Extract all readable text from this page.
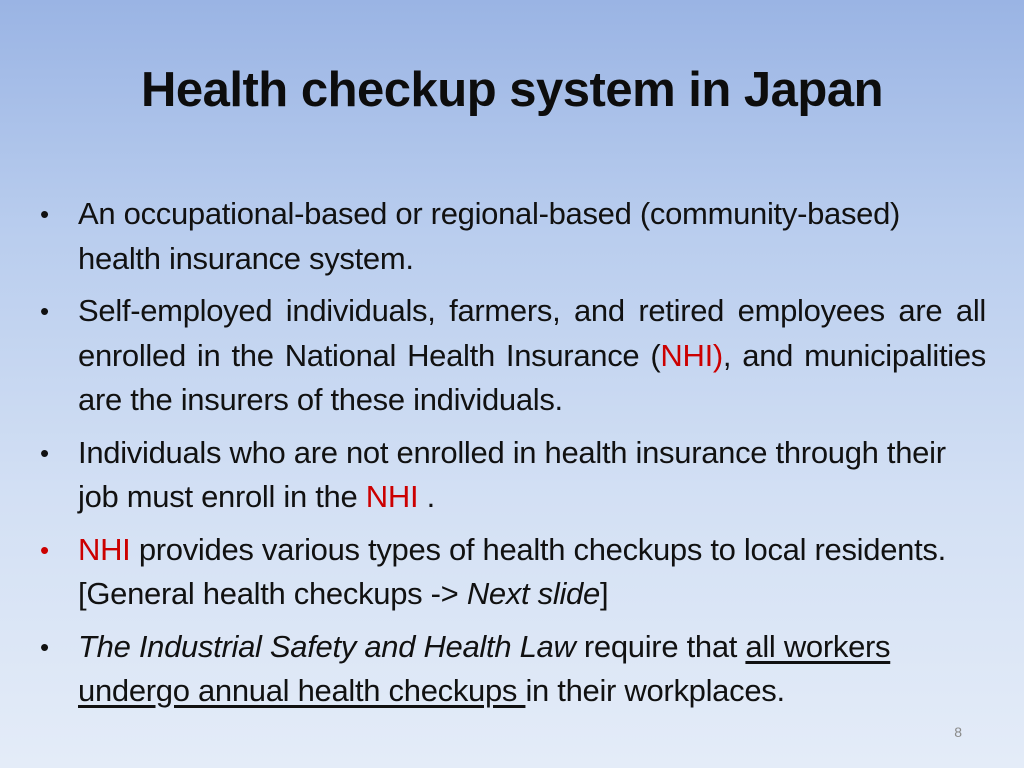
Health checkup system in Japan
• An occupational-based or regional-based (community-based) health insurance system.
• Self-employed individuals, farmers, and retired employees are all enrolled in the National Health Insurance (NHI), and municipalities are the insurers of these individuals.
• Individuals who are not enrolled in health insurance through their job must enroll in the NHI .
• NHI provides various types of health checkups to local residents. [General health checkups -> Next slide]
• The Industrial Safety and Health Law require that all workers undergo annual health checkups in their workplaces.
8
